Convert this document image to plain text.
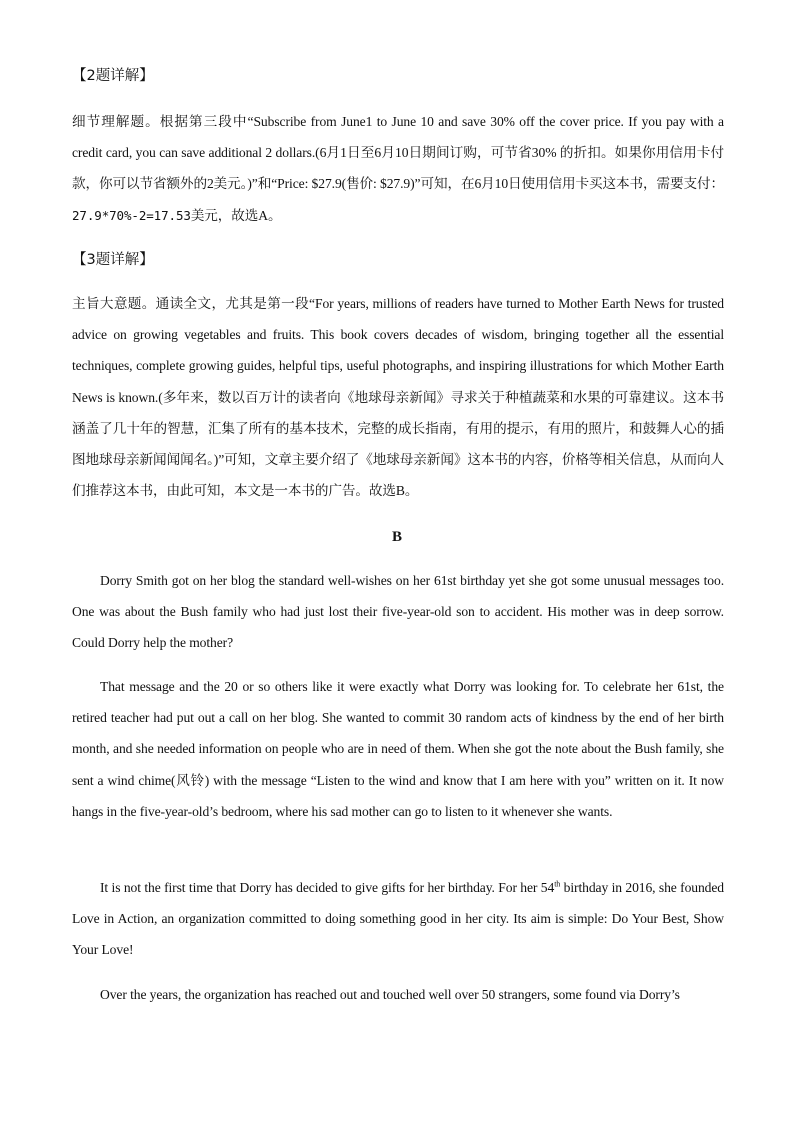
【2题详解】
细节理解题。根据第三段中“Subscribe from June1 to June 10 and save 30% off the cover price. If you pay with a credit card, you can save additional 2 dollars.(6月1日至6月10日期间订购，可节省30% 的折扣。如果你用信用卡付款，你可以节省额外的2美元。)”和“Price: $27.9(售价: $27.9)”可知，在6月10日使用信用卡买这本书，需要支付：27.9*70%-2=17.53美元，故选A。
【3题详解】
主旨大意题。通读全文，尤其是第一段“For years, millions of readers have turned to Mother Earth News for trusted advice on growing vegetables and fruits. This book covers decades of wisdom, bringing together all the essential techniques, complete growing guides, helpful tips, useful photographs, and inspiring illustrations for which Mother Earth News is known.(多年来，数以百万计的读者向《地球母亲新闻》寻求关于种植蔬菜和水果的可靠建议。这本书涵盖了几十年的智慧，汇集了所有的基本技术，完整的成长指南，有用的提示，有用的照片，和鼓舞人心的插图地球母亲新闻闻闻名。)”可知，文章主要介绍了《地球母亲新闻》这本书的内容，价格等相关信息，从而向人们推荐这本书，由此可知，本文是一本书的广告。故选B。
B
Dorry Smith got on her blog the standard well-wishes on her 61st birthday yet she got some unusual messages too. One was about the Bush family who had just lost their five-year-old son to accident. His mother was in deep sorrow. Could Dorry help the mother?
That message and the 20 or so others like it were exactly what Dorry was looking for. To celebrate her 61st, the retired teacher had put out a call on her blog. She wanted to commit 30 random acts of kindness by the end of her birth month, and she needed information on people who are in need of them. When she got the note about the Bush family, she sent a wind chime(风铃) with the message “Listen to the wind and know that I am here with you” written on it. It now hangs in the five-year-old’s bedroom, where his sad mother can go to listen to it whenever she wants.
It is not the first time that Dorry has decided to give gifts for her birthday. For her 54th birthday in 2016, she founded Love in Action, an organization committed to doing something good in her city. Its aim is simple: Do Your Best, Show Your Love!
Over the years, the organization has reached out and touched well over 50 strangers, some found via Dorry’s
